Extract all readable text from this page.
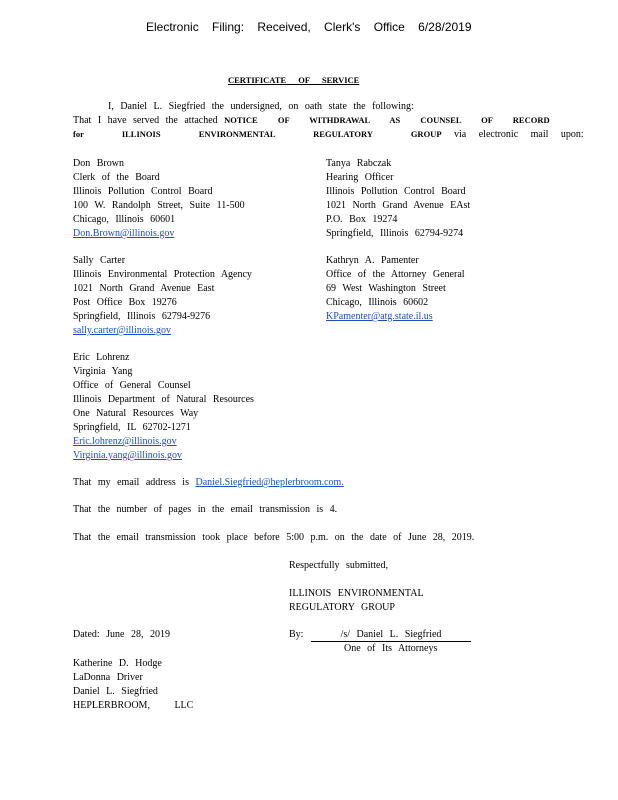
Electronic Filing: Received, Clerk's Office 6/28/2019
CERTIFICATE OF SERVICE
I, Daniel L. Siegfried the undersigned, on oath state the following:
That I have served the attached NOTICE OF WITHDRAWAL AS COUNSEL OF RECORD
for ILLINOIS ENVIRONMENTAL REGULATORY GROUP via electronic mail upon:
Don Brown
Clerk of the Board
Illinois Pollution Control Board
100 W. Randolph Street, Suite 11-500
Chicago, Illinois 60601
Don.Brown@illinois.gov
Tanya Rabczak
Hearing Officer
Illinois Pollution Control Board
1021 North Grand Avenue EAst
P.O. Box 19274
Springfield, Illinois 62794-9274
Sally Carter
Illinois Environmental Protection Agency
1021 North Grand Avenue East
Post Office Box 19276
Springfield, Illinois 62794-9276
sally.carter@illinois.gov
Kathryn A. Pamenter
Office of the Attorney General
69 West Washington Street
Chicago, Illinois 60602
KPamenter@atg.state.il.us
Eric Lohrenz
Virginia Yang
Office of General Counsel
Illinois Department of Natural Resources
One Natural Resources Way
Springfield, IL 62702-1271
Eric.lohrenz@illinois.gov
Virginia.yang@illinois.gov
That my email address is Daniel.Siegfried@heplerbroom.com.
That the number of pages in the email transmission is 4.
That the email transmission took place before 5:00 p.m. on the date of June 28, 2019.
Respectfully submitted,
ILLINOIS ENVIRONMENTAL
REGULATORY GROUP
Dated: June 28, 2019	By:	/s/ Daniel L. Siegfried
One of Its Attorneys
Katherine D. Hodge
LaDonna Driver
Daniel L. Siegfried
HEPLERBROOM, LLC
